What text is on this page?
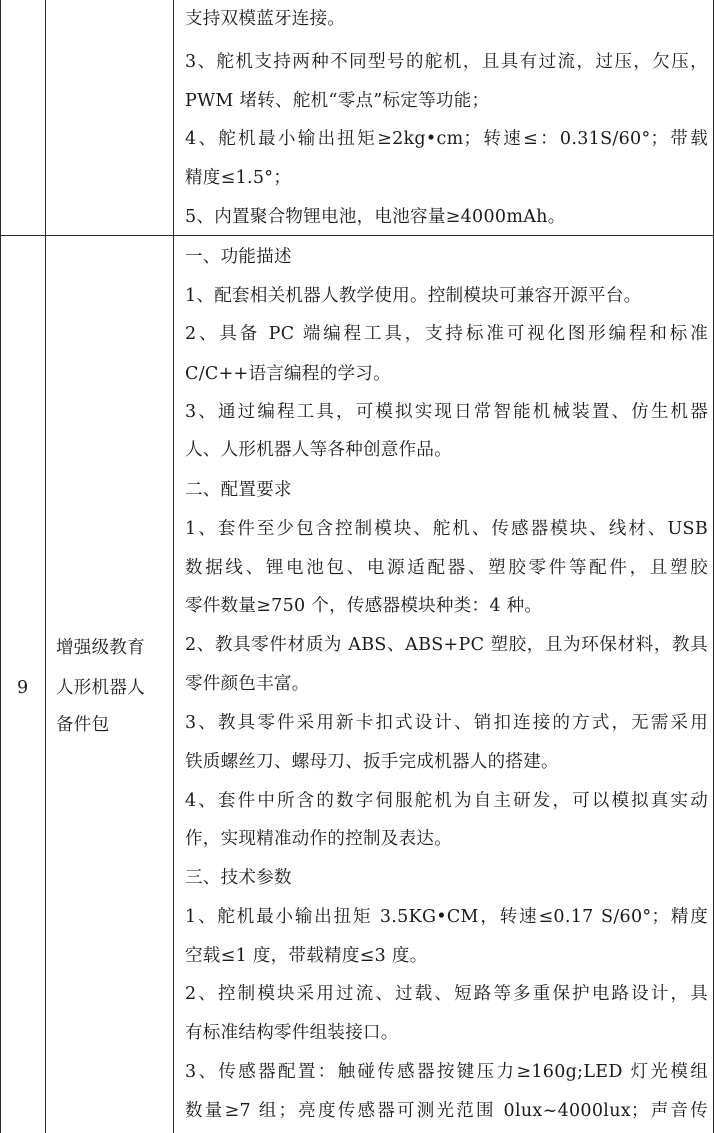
支持双模蓝牙连接。
3、舵机支持两种不同型号的舵机，且具有过流，过压，欠压，
PWM 堵转、舵机“零点”标定等功能；
4、舵机最小输出扭矩≥2kg•cm；转速≤：0.31S/60°；带载
精度≤1.5°；
5、内置聚合物锂电池，电池容量≥4000mAh。
9
增强级教育
人形机器人
备件包
一、功能描述
1、配套相关机器人教学使用。控制模块可兼容开源平台。
2、具备 PC 端编程工具，支持标准可视化图形编程和标准
C/C++语言编程的学习。
3、通过编程工具，可模拟实现日常智能机械装置、仿生机器
人、人形机器人等各种创意作品。
二、配置要求
1、套件至少包含控制模块、舵机、传感器模块、线材、USB
数据线、锂电池包、电源适配器、塑胶零件等配件，且塑胶
零件数量≥750 个，传感器模块种类：4 种。
2、教具零件材质为 ABS、ABS+PC 塑胶，且为环保材料，教具
零件颜色丰富。
3、教具零件采用新卡扣式设计、销扣连接的方式，无需采用
铁质螺丝刀、螺母刀、扳手完成机器人的搭建。
4、套件中所含的数字伺服舵机为自主研发，可以模拟真实动
作，实现精准动作的控制及表达。
三、技术参数
1、舵机最小输出扭矩 3.5KG•CM，转速≤0.17 S/60°；精度
空载≤1 度，带载精度≤3 度。
2、控制模块采用过流、过载、短路等多重保护电路设计，具
有标准结构零件组装接口。
3、传感器配置：触碰传感器按键压力≥160g;LED 灯光模组
数量≥7 组；亮度传感器可测光范围 0lux~4000lux；声音传
